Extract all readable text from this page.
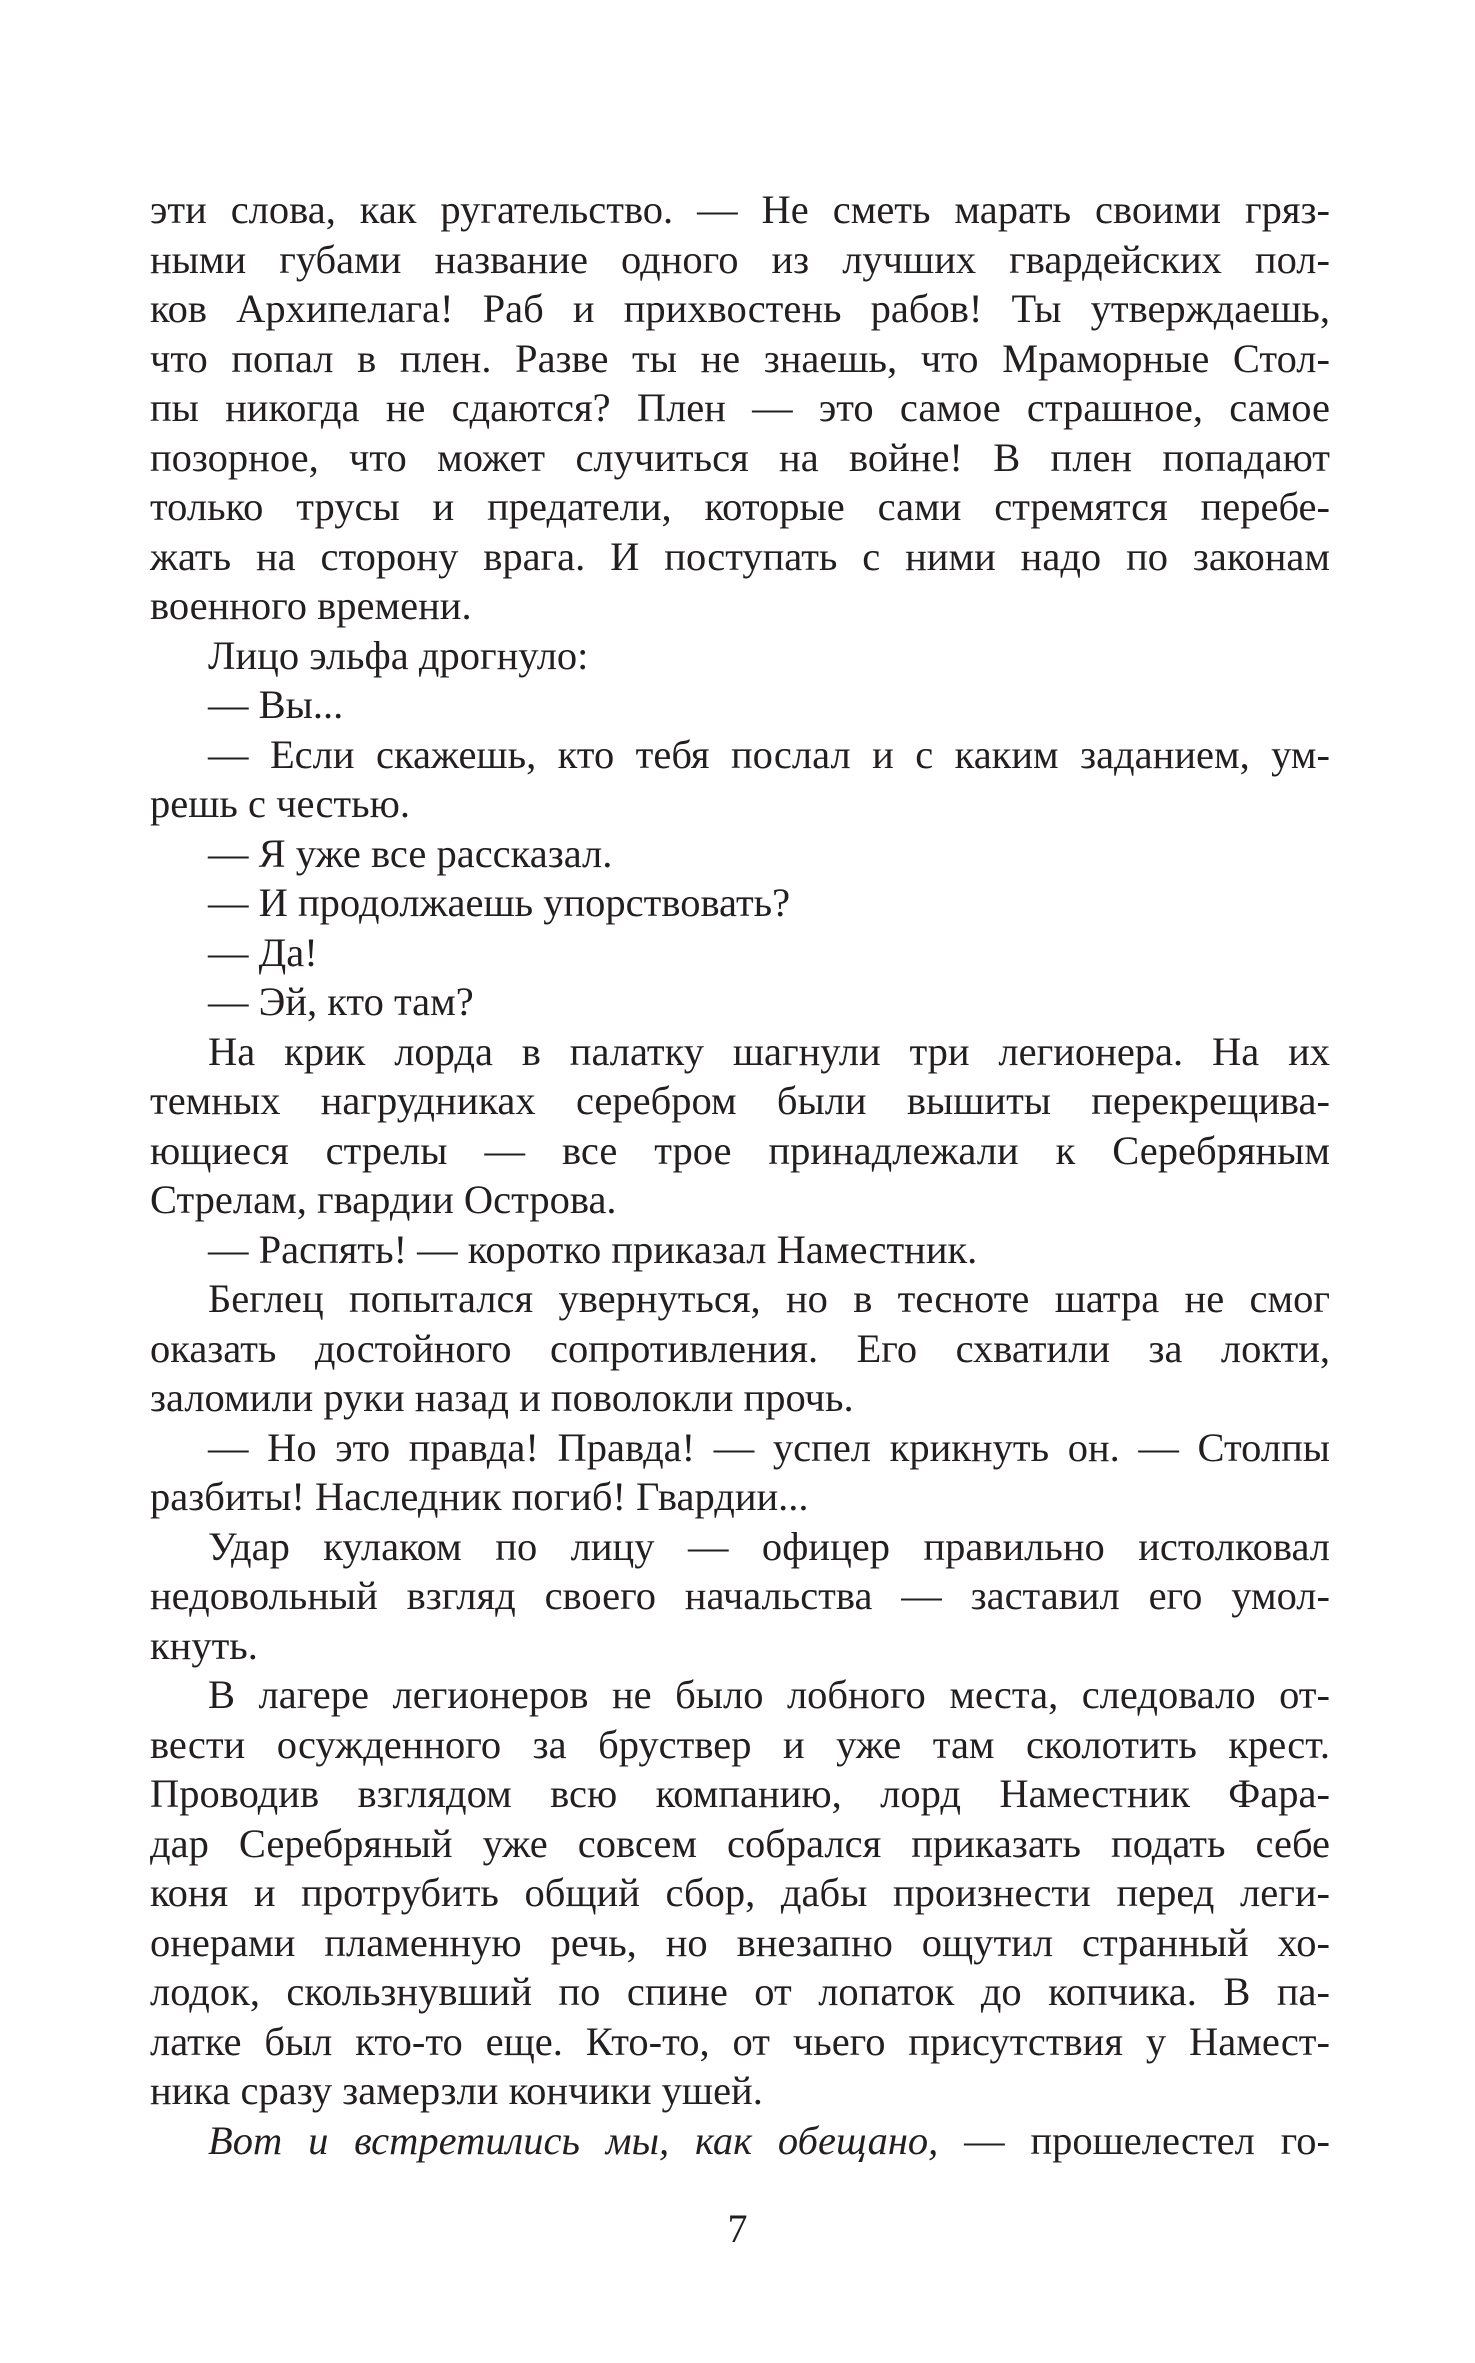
эти слова, как ругательство. — Не сметь марать своими гряз-
ными губами название одного из лучших гвардейских пол-
ков Архипелага! Раб и прихвостень рабов! Ты утверждаешь,
что попал в плен. Разве ты не знаешь, что Мраморные Стол-
пы никогда не сдаются? Плен — это самое страшное, самое
позорное, что может случиться на войне! В плен попадают
только трусы и предатели, которые сами стремятся перебе-
жать на сторону врага. И поступать с ними надо по законам
военного времени.
Лицо эльфа дрогнуло:
— Вы...
— Если скажешь, кто тебя послал и с каким заданием, ум-
решь с честью.
— Я уже все рассказал.
— И продолжаешь упорствовать?
— Да!
— Эй, кто там?
На крик лорда в палатку шагнули три легионера. На их
темных нагрудниках серебром были вышиты перекрещива-
ющиеся стрелы — все трое принадлежали к Серебряным
Стрелам, гвардии Острова.
— Распять! — коротко приказал Наместник.
Беглец попытался увернуться, но в тесноте шатра не смог
оказать достойного сопротивления. Его схватили за локти,
заломили руки назад и поволокли прочь.
— Но это правда! Правда! — успел крикнуть он. — Столпы
разбиты! Наследник погиб! Гвардии...
Удар кулаком по лицу — офицер правильно истолковал
недовольный взгляд своего начальства — заставил его умол-
кнуть.
В лагере легионеров не было лобного места, следовало от-
вести осужденного за бруствер и уже там сколотить крест.
Проводив взглядом всю компанию, лорд Наместник Фара-
дар Серебряный уже совсем собрался приказать подать себе
коня и протрубить общий сбор, дабы произнести перед леги-
онерами пламенную речь, но внезапно ощутил странный хо-
лодок, скользнувший по спине от лопаток до копчика. В па-
латке был кто-то еще. Кто-то, от чьего присутствия у Намест-
ника сразу замерзли кончики ушей.
Вот и встретились мы, как обещано, — прошелестел го-
7
